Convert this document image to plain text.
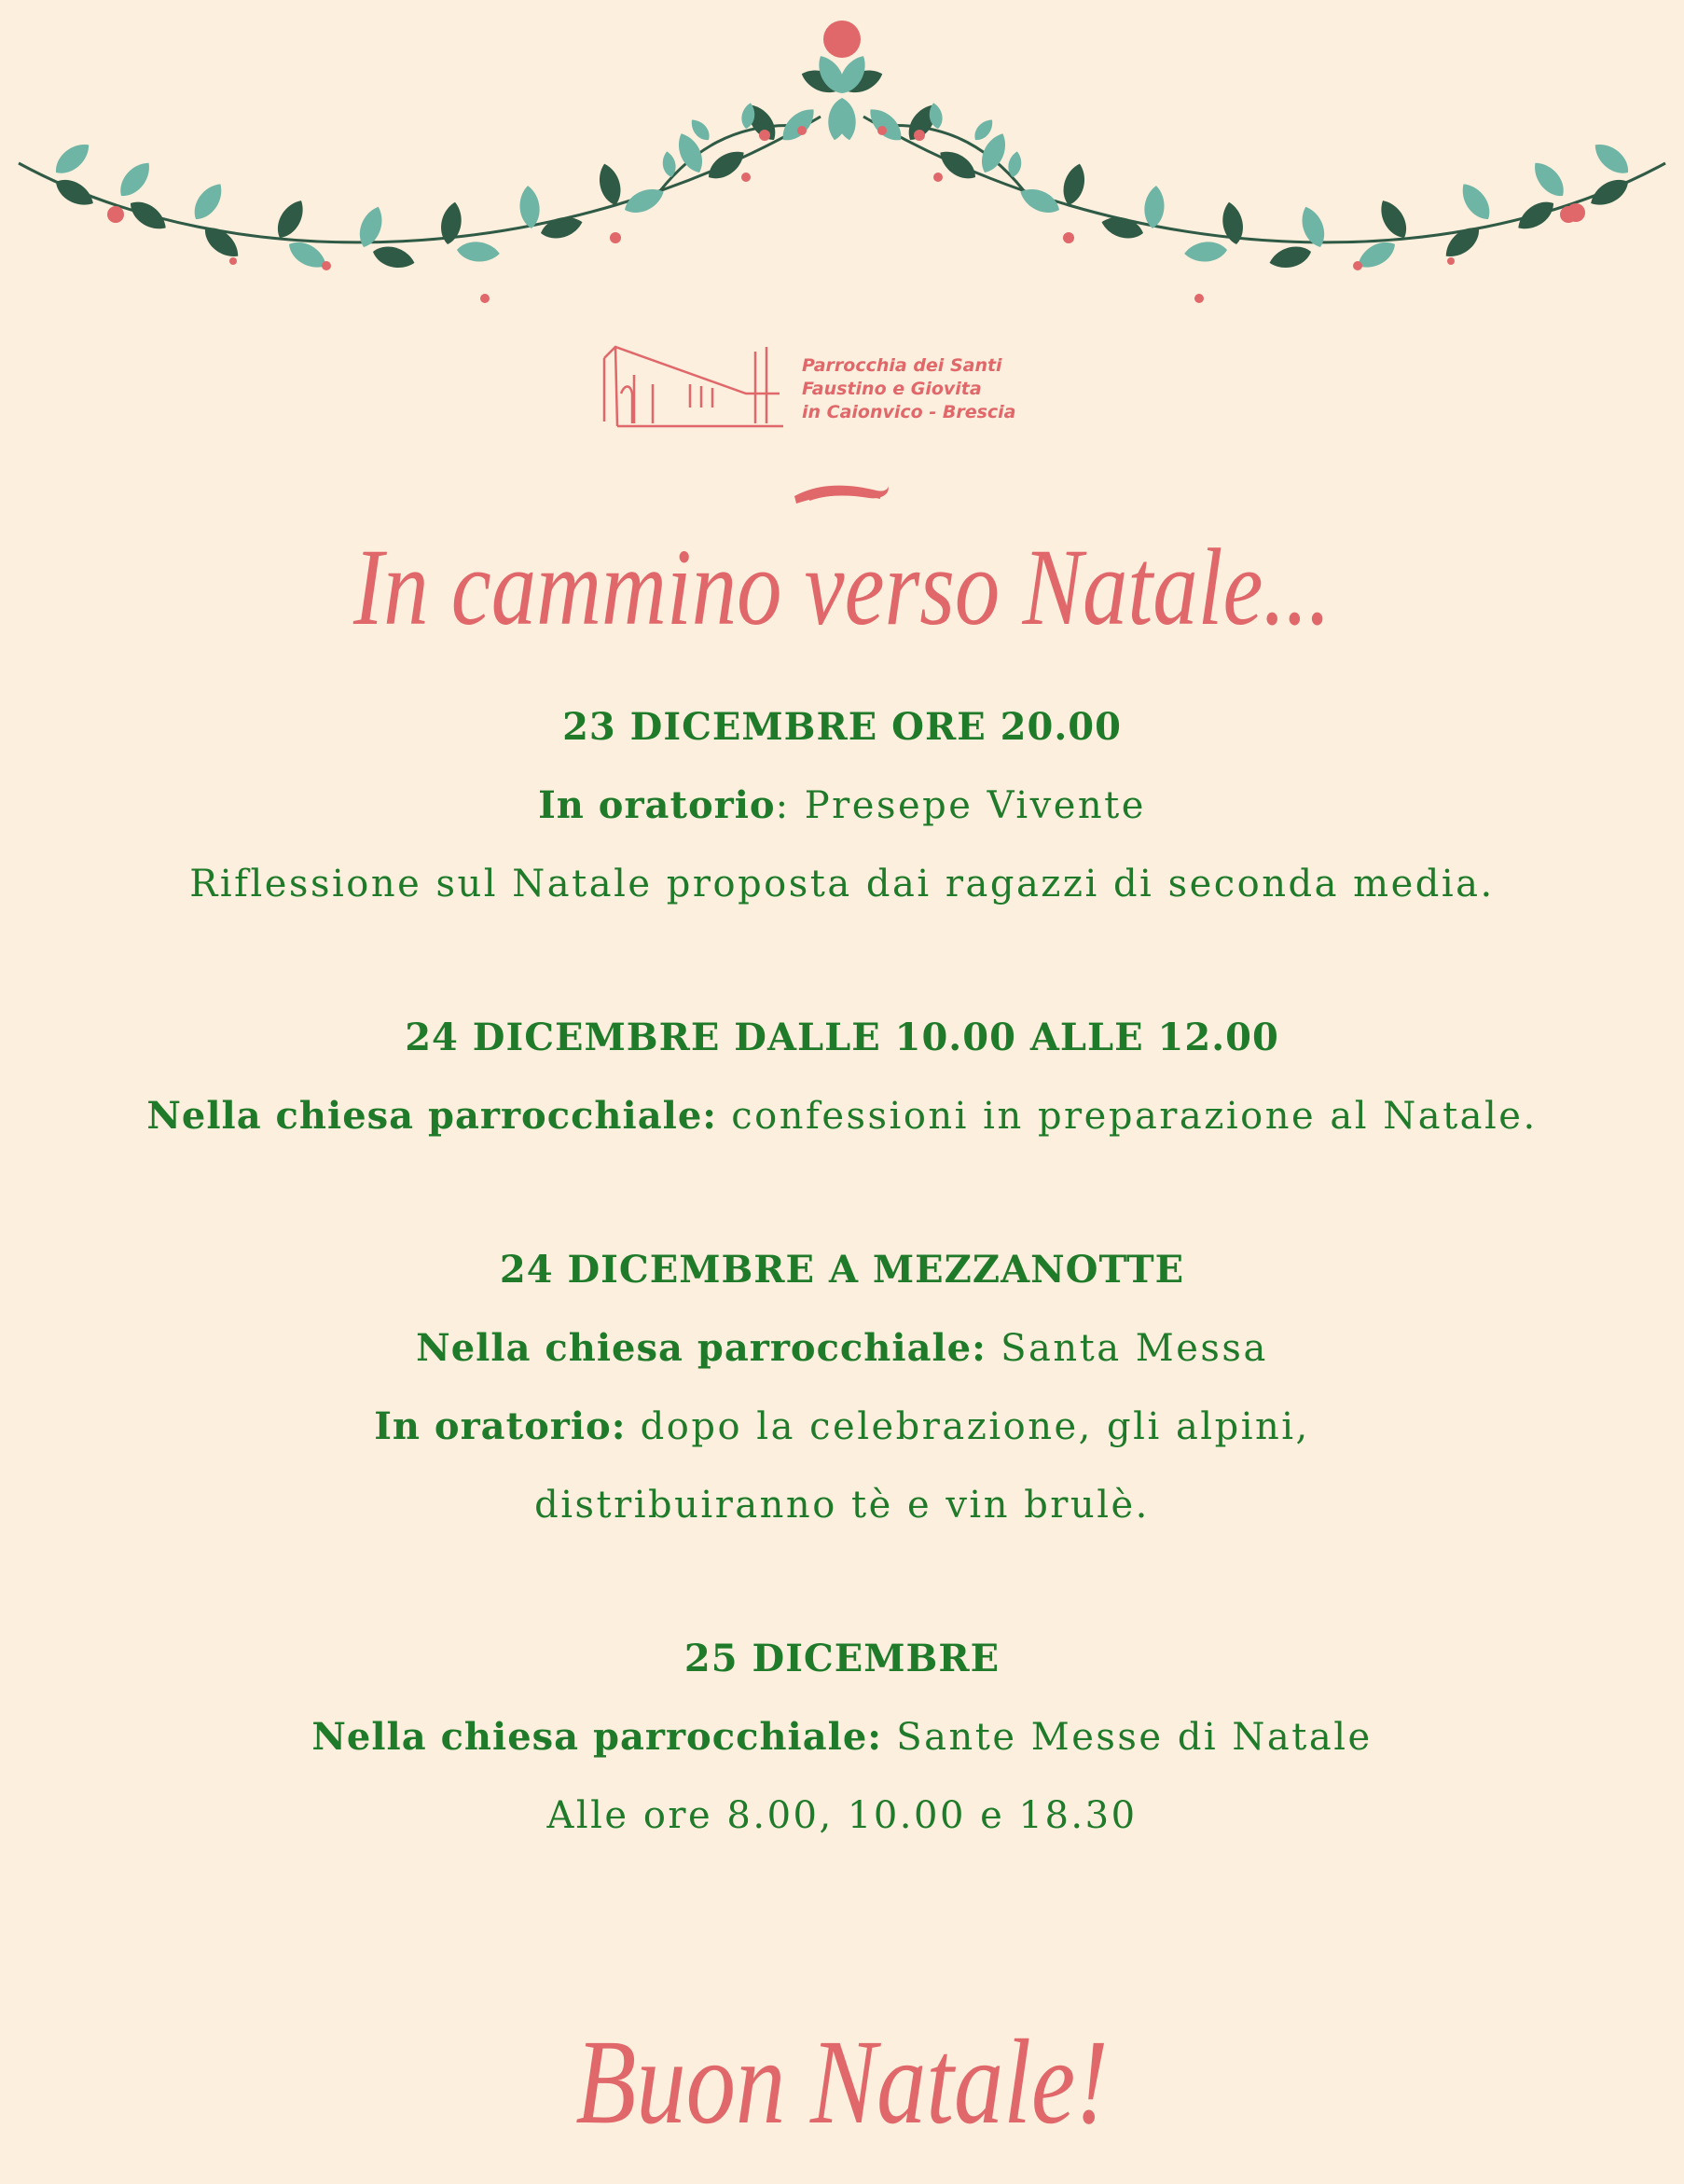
Parrocchia dei Santi
Faustino e Giovita
in Caionvico - Brescia
In cammino verso Natale...
23 DICEMBRE ORE 20.00
In oratorio: Presepe Vivente
Riflessione sul Natale proposta dai ragazzi di seconda media.
24 DICEMBRE DALLE 10.00 ALLE 12.00
Nella chiesa parrocchiale: confessioni in preparazione al Natale.
24 DICEMBRE A MEZZANOTTE
Nella chiesa parrocchiale: Santa Messa
In oratorio: dopo la celebrazione, gli alpini,
distribuiranno tè e vin brulè.
25 DICEMBRE
Nella chiesa parrocchiale: Sante Messe di Natale
Alle ore 8.00, 10.00 e 18.30
Buon Natale!
